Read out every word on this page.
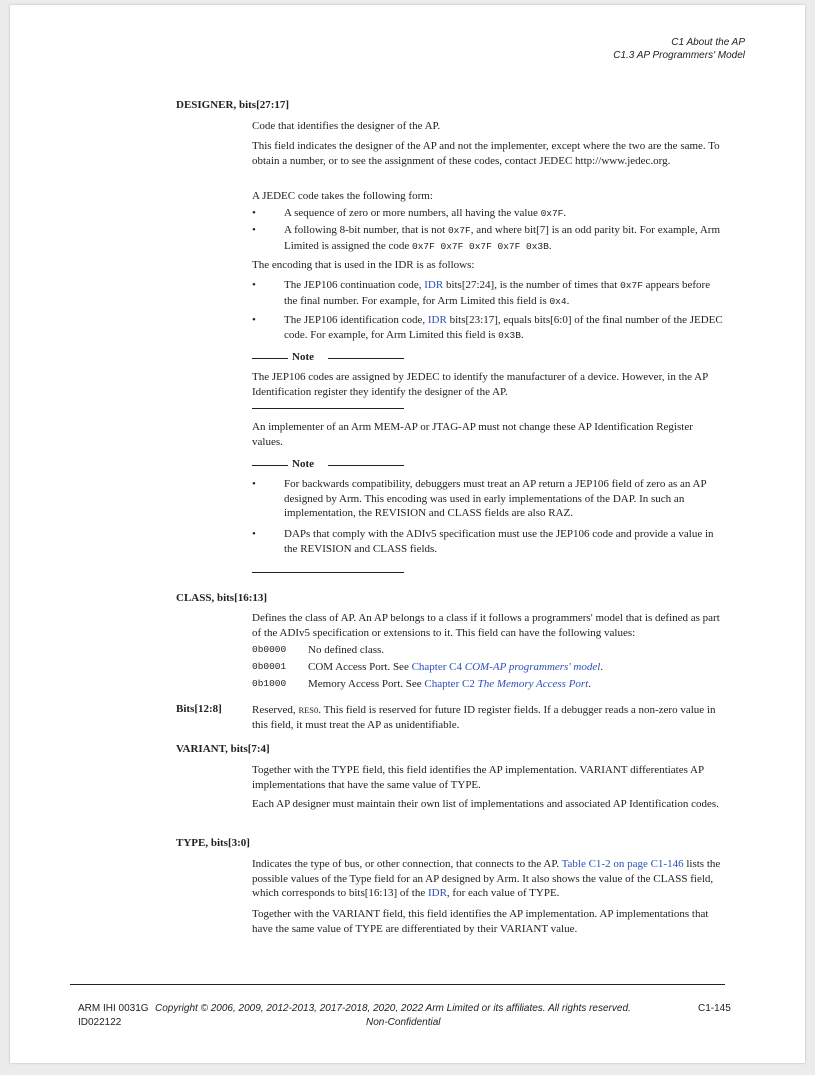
C1 About the AP
C1.3 AP Programmers' Model
DESIGNER, bits[27:17]

Code that identifies the designer of the AP.

This field indicates the designer of the AP and not the implementer, except where the two are the same. To obtain a number, or to see the assignment of these codes, contact JEDEC http://www.jedec.org.

A JEDEC code takes the following form:

•	A sequence of zero or more numbers, all having the value 0x7F.
•	A following 8-bit number, that is not 0x7F, and where bit[7] is an odd parity bit. For example, Arm Limited is assigned the code 0x7F 0x7F 0x7F 0x7F 0x3B.

The encoding that is used in the IDR is as follows:

•	The JEP106 continuation code, IDR bits[27:24], is the number of times that 0x7F appears before the final number. For example, for Arm Limited this field is 0x4.
•	The JEP106 identification code, IDR bits[23:17], equals bits[6:0] of the final number of the JEDEC code. For example, for Arm Limited this field is 0x3B.
Note

The JEP106 codes are assigned by JEDEC to identify the manufacturer of a device. However, in the AP Identification register they identify the designer of the AP.

An implementer of an Arm MEM-AP or JTAG-AP must not change these AP Identification Register values.

Note
•	For backwards compatibility, debuggers must treat an AP return a JEP106 field of zero as an AP designed by Arm. This encoding was used in early implementations of the DAP. In such an implementation, the REVISION and CLASS fields are also RAZ.
•	DAPs that comply with the ADIv5 specification must use the JEP106 code and provide a value in the REVISION and CLASS fields.
CLASS, bits[16:13]

Defines the class of AP. An AP belongs to a class if it follows a programmers' model that is defined as part of the ADIv5 specification or extensions to it. This field can have the following values:

0b0000 No defined class.
0b0001 COM Access Port. See Chapter C4 COM-AP programmers' model.
0b1000 Memory Access Port. See Chapter C2 The Memory Access Port.
Bits[12:8]	Reserved, RES0. This field is reserved for future ID register fields. If a debugger reads a non-zero value in this field, it must treat the AP as unidentifiable.

VARIANT, bits[7:4]

Together with the TYPE field, this field identifies the AP implementation. VARIANT differentiates AP implementations that have the same value of TYPE.

Each AP designer must maintain their own list of implementations and associated AP Identification codes.

TYPE, bits[3:0]

Indicates the type of bus, or other connection, that connects to the AP. Table C1-2 on page C1-146 lists the possible values of the Type field for an AP designed by Arm. It also shows the value of the CLASS field, which corresponds to bits[16:13] of the IDR, for each value of TYPE.

Together with the VARIANT field, this field identifies the AP implementation. AP implementations that have the same value of TYPE are differentiated by their VARIANT value.

ARM IHI 0031G Copyright © 2006, 2009, 2012-2013, 2017-2018, 2020, 2022 Arm Limited or its affiliates. All rights reserved.	C1-145
ID022122	Non-Confidential
